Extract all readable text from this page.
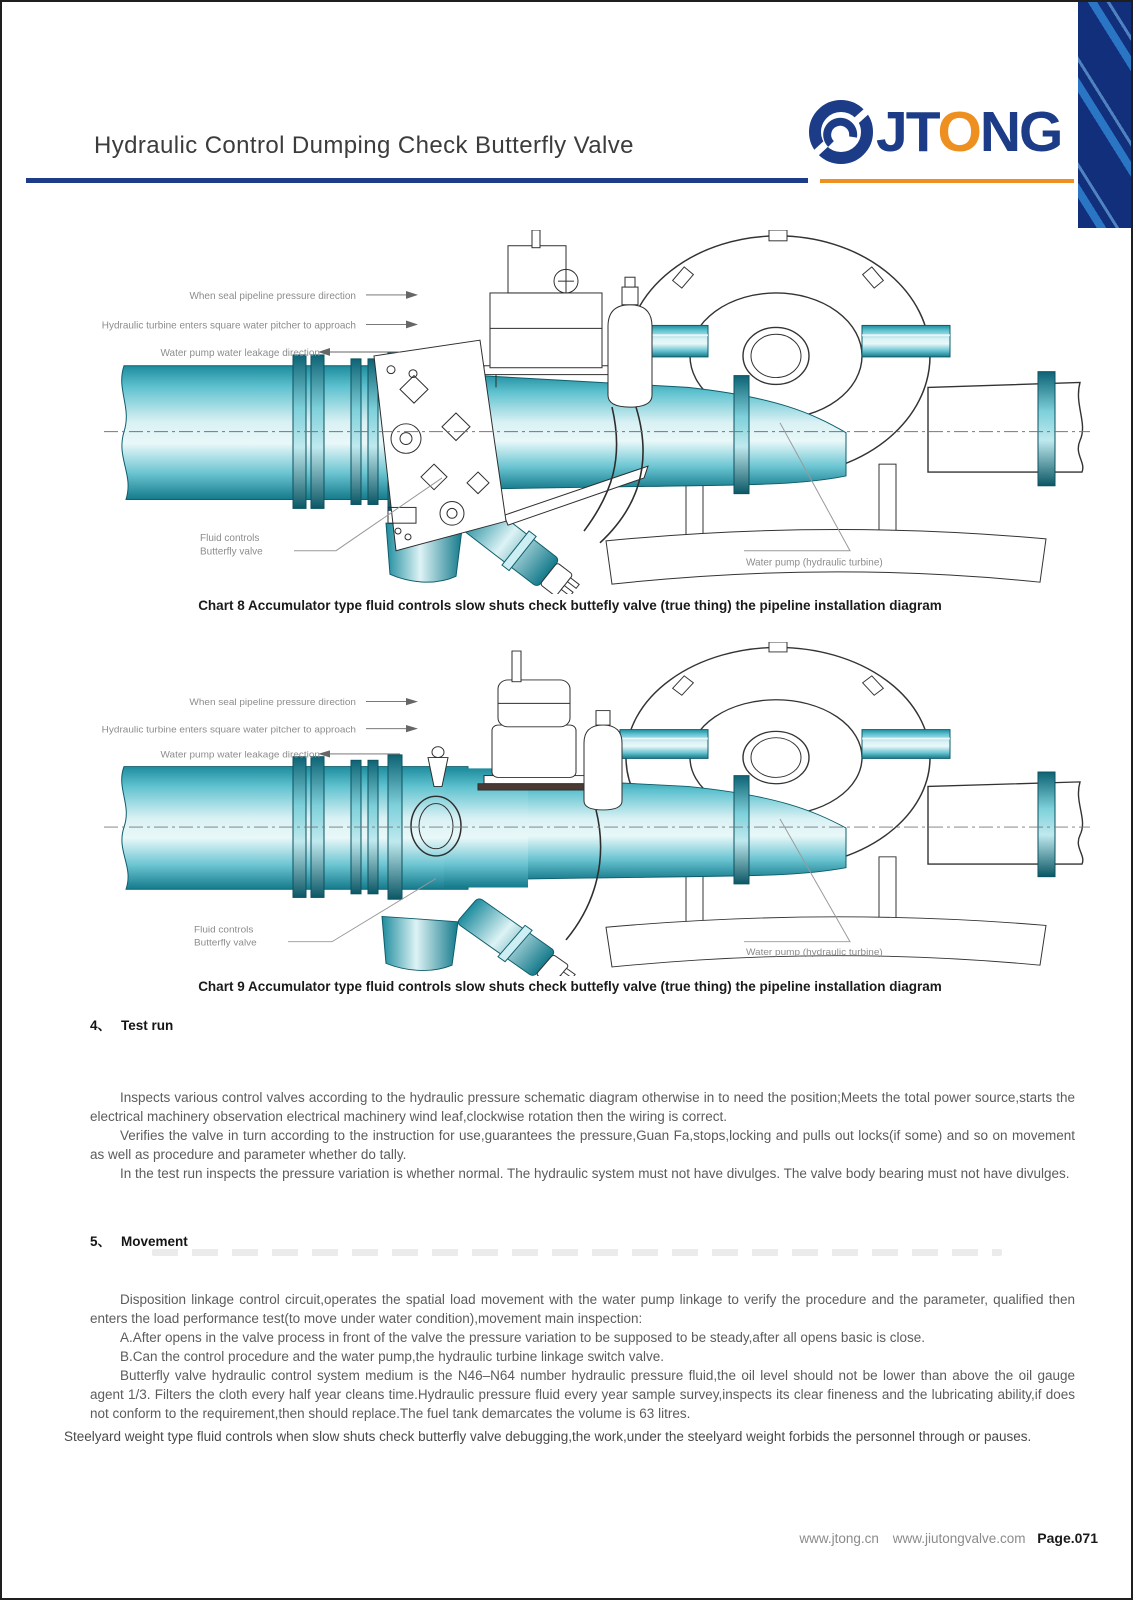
Hydraulic Control Dumping Check Butterfly Valve	JTONG
When seal pipeline pressure direction
Hydraulic turbine enters square water pitcher to approach
Water pump water leakage direction
Fluid controls
Butterfly valve
Water pump (hydraulic turbine)

Chart 8 Accumulator type fluid controls slow shuts check buttefly valve (true thing) the pipeline installation diagram

When seal pipeline pressure direction
Hydraulic turbine enters square water pitcher to approach
Water pump water leakage direction
Fluid controls
Butterfly valve
Water pump (hydraulic turbine)

Chart 9 Accumulator type fluid controls slow shuts check buttefly valve (true thing) the pipeline installation diagram

4、 Test run

Inspects various control valves according to the hydraulic pressure schematic diagram otherwise in to need the position;Meets the total power source,starts the electrical machinery observation electrical machinery wind leaf,clockwise rotation then the wiring is correct.

Verifies the valve in turn according to the instruction for use,guarantees the pressure,Guan Fa,stops,locking and pulls out locks(if some) and so on movement as well as procedure and parameter whether do tally.

In the test run inspects the pressure variation is whether normal. The hydraulic system must not have divulges. The valve body bearing must not have divulges.

5、 Movement

Disposition linkage control circuit,operates the spatial load movement with the water pump linkage to verify the procedure and the parameter, qualified then enters the load performance test(to move under water condition),movement main inspection:

A.After opens in the valve process in front of the valve the pressure variation to be supposed to be steady,after all opens basic is close.

B.Can the control procedure and the water pump,the hydraulic turbine linkage switch valve.

Butterfly valve hydraulic control system medium is the N46–N64 number hydraulic pressure fluid,the oil level should not be lower than above the oil gauge agent 1/3. Filters the cloth every half year cleans time.Hydraulic pressure fluid every year sample survey,inspects its clear fineness and the lubricating ability,if does not conform to the requirement,then should replace.The fuel tank demarcates the volume is 63 litres.

Steelyard weight type fluid controls when slow shuts check butterfly valve debugging,the work,under the steelyard weight forbids the personnel through or pauses.

www.jtong.cn www.jiutongvalve.com Page.071
